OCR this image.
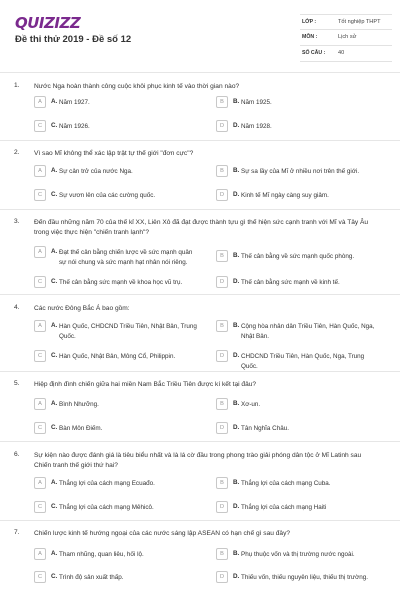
QUIZIZZ
Đề thi thử 2019 - Đề số 12
LỚP :	Tốt nghiệp THPT
MÔN :	Lịch sử
SỐ CÂU : 40
1. Nước Nga hoàn thành công cuộc khôi phục kinh tế vào thời gian nào?
A	A. Năm 1927.	B	B. Năm 1925.
C	C. Năm 1926.	D	D. Năm 1928.
2. Vì sao Mĩ không thể xác lập trật tự thế giới "đơn cực"?
A	A. Sự cản trở của nước Nga.	B	B. Sự sa lầy của Mĩ ở nhiều nơi trên thế giới.
C	C. Sự vươn lên của các cường quốc.	D	D. Kinh tế Mĩ ngày càng suy giảm.
3. Đến đầu những năm 70 của thế kỉ XX, Liên Xô đã đạt được thành tựu gì thế hiện sức cạnh tranh với Mĩ và Tây Âu trong việc thực hiện "chiến tranh lạnh"?
A	A. Đạt thế cân bằng chiến lược về sức mạnh quân sự nói chung và sức mạnh hạt nhân nói riêng.
B	B. Thế cân bằng về sức mạnh quốc phòng.
C	C. Thế cân bằng sức mạnh về khoa học vũ trụ.	D	D. Thế cân bằng sức mạnh về kinh tế.
4. Các nước Đông Bắc Á bao gồm:
A	A. Hàn Quốc, CHDCND Triều Tiên, Nhật Bản, Trung Quốc.
B	B. Cộng hòa nhân dân Triều Tiên, Hàn Quốc, Nga, Nhật Bản.
C	C. Hàn Quốc, Nhật Bản, Mông Cổ, Philippin.	D	D. CHDCND Triều Tiên, Hàn Quốc, Nga, Trung Quốc.
5. Hiệp định đình chiến giữa hai miền Nam Bắc Triều Tiên được kí kết tại đâu?
A	A. Bình Nhưỡng.	B	B. Xơ-un.
C	C. Bàn Môn Điếm.	D	D. Tân Nghĩa Châu.
6. Sự kiện nào được đánh giá là tiêu biểu nhất và là lá cờ đầu trong phong trào giải phóng dân tộc ở Mĩ Latinh sau Chiến tranh thế giới thứ hai?
A	A. Thắng lợi của cách mạng Ecuađo.	B	B. Thắng lợi của cách mạng Cuba.
C	C. Thắng lợi của cách mạng Mêhicô.	D	D. Thắng lợi của cách mạng Haiti
7. Chiến lược kinh tế hướng ngoại của các nước sáng lập ASEAN có hạn chế gì sau đây?
A	A. Tham nhũng, quan liêu, hối lộ.	B	B. Phụ thuộc vốn và thị trường nước ngoài.
C	C. Trình độ sản xuất thấp.	D	D. Thiếu vốn, thiếu nguyên liệu, thiếu thị trường.
